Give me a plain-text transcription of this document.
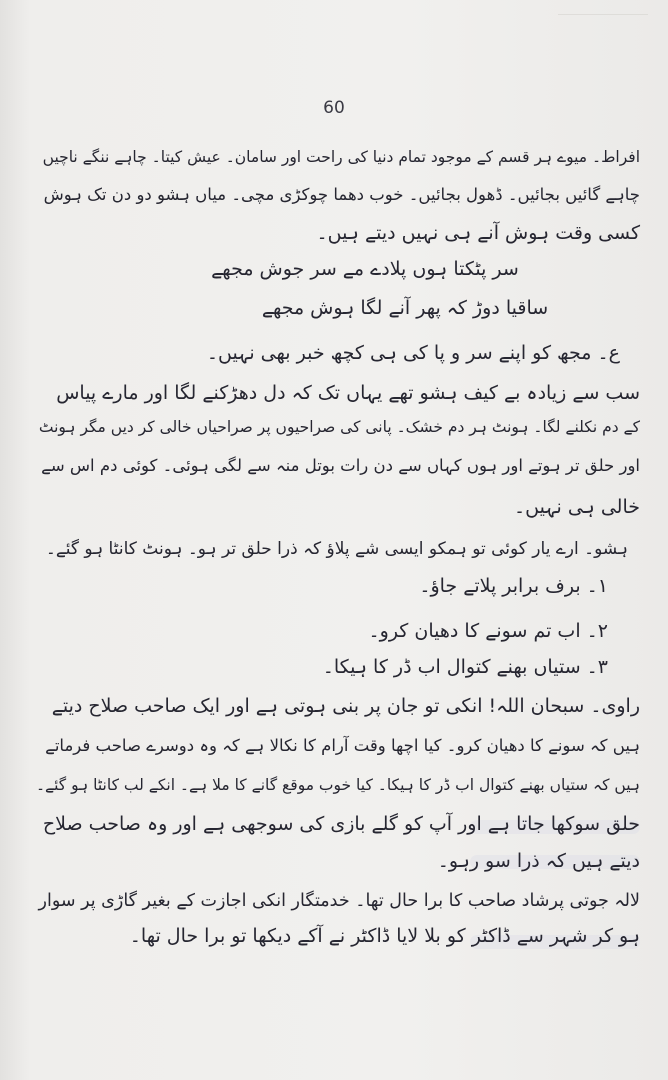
60
افراط۔ میوے ہر قسم کے موجود تمام دنیا کی راحت اور سامان۔ عیش کیتا۔ چاہے ننگے ناچیں
چاہے گائیں بجائیں۔ ڈھول بجائیں۔ خوب دھما چوکڑی مچی۔ میاں ہشو دو دن تک ہوش
کسی وقت ہوش آنے ہی نہیں دیتے ہیں۔
سر پٹکتا ہوں پلادے مے سر جوش مجھے
ساقیا دوڑ کہ پھر آنے لگا ہوش مجھے
ع۔ مجھ کو اپنے سر و پا کی ہی کچھ خبر بھی نہیں۔
سب سے زیادہ بے کیف ہشو تھے یہاں تک کہ دل دھڑکنے لگا اور مارے پیاس
کے دم نکلنے لگا۔ ہونٹ ہر دم خشک۔ پانی کی صراحیوں پر صراحیاں خالی کر دیں مگر ہونٹ
اور حلق تر ہوتے اور ہوں کہاں سے دن رات بوتل منہ سے لگی ہوئی۔ کوئی دم اس سے
خالی ہی نہیں۔
ہشو۔ ارے یار کوئی تو ہمکو ایسی شے پلاؤ کہ ذرا حلق تر ہو۔ ہونٹ کانٹا ہو گئے۔
۱۔ برف برابر پلاتے جاؤ۔
۲۔ اب تم سونے کا دھیان کرو۔
۳۔ ستیاں بھنے کتوال اب ڈر کا ہیکا۔
راوی۔ سبحان اللہ! انکی تو جان پر بنی ہوتی ہے اور ایک صاحب صلاح دیتے
ہیں کہ سونے کا دھیان کرو۔ کیا اچھا وقت آرام کا نکالا ہے کہ وہ دوسرے صاحب فرماتے
ہیں کہ ستیاں بھنے کتوال اب ڈر کا ہیکا۔ کیا خوب موقع گانے کا ملا ہے۔ انکے لب کانٹا ہو گئے۔
حلق سوکھا جاتا ہے اور آپ کو گلے بازی کی سوجھی ہے اور وہ صاحب صلاح
دیتے ہیں کہ ذرا سو رہو۔
لالہ جوتی پرشاد صاحب کا برا حال تھا۔ خدمتگار انکی اجازت کے بغیر گاڑی پر سوار
ہو کر شہر سے ڈاکٹر کو بلا لایا ڈاکٹر نے آکے دیکھا تو برا حال تھا۔
